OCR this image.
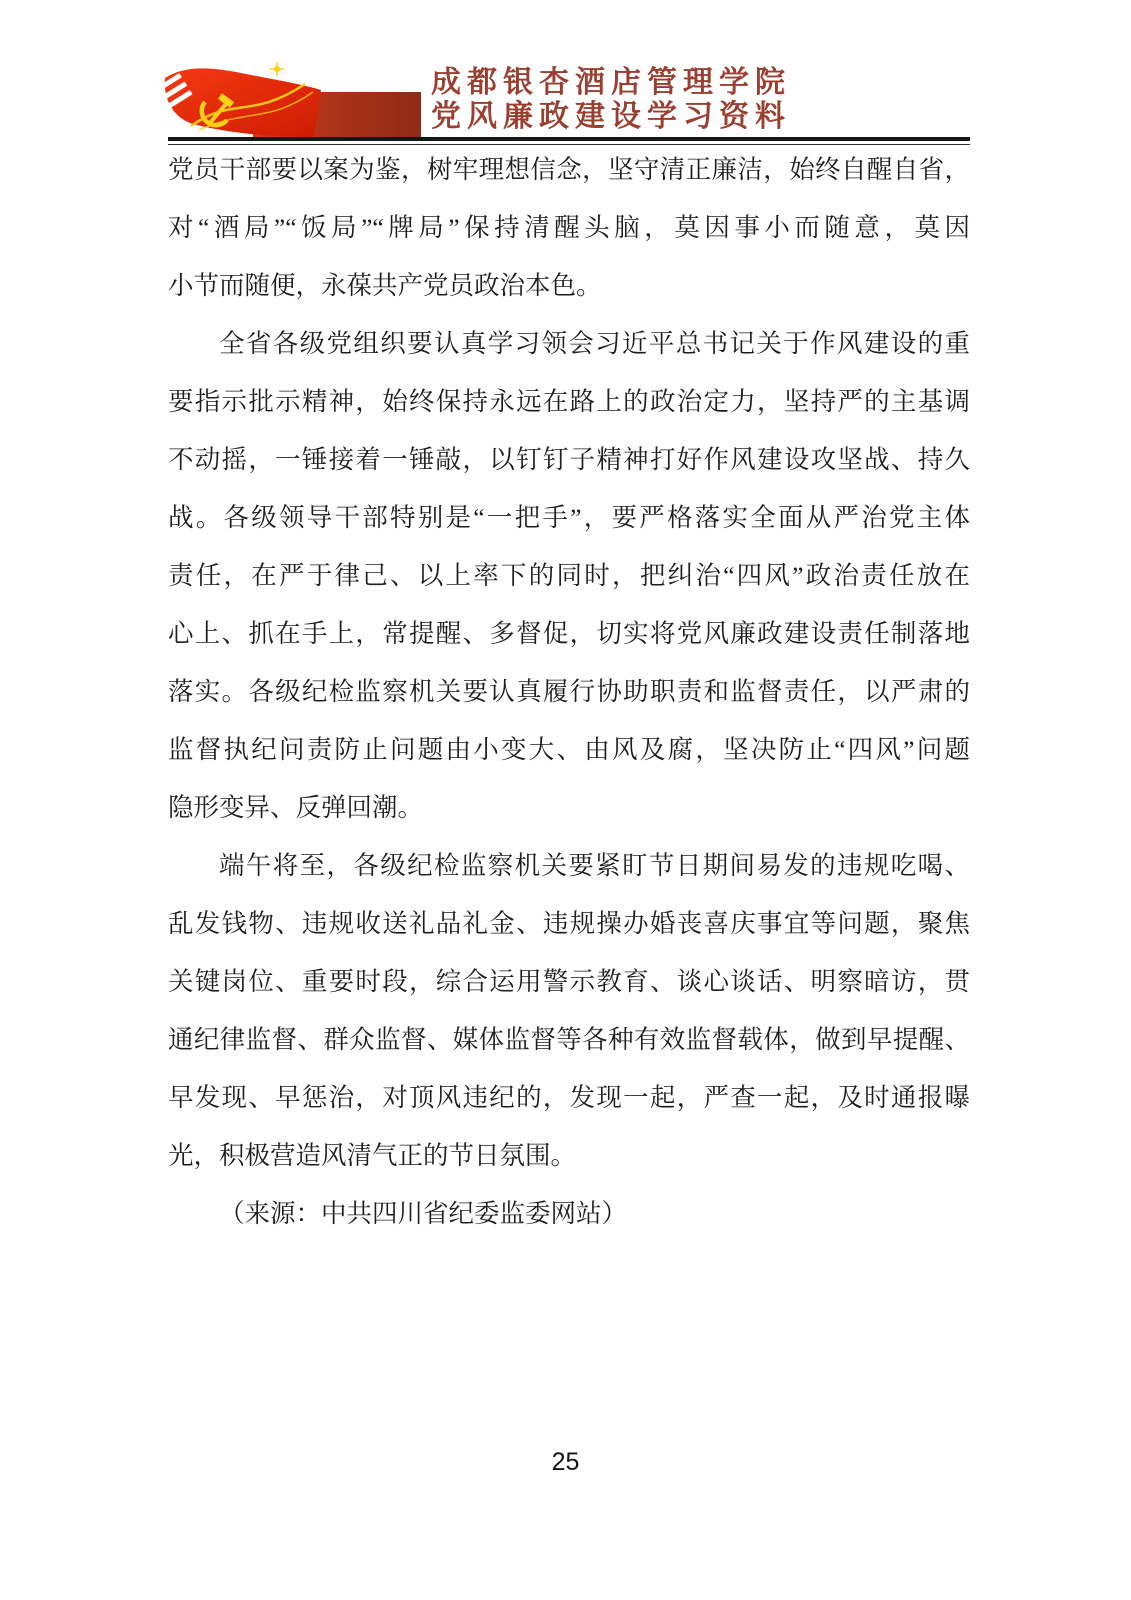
成都银杏酒店管理学院
党风廉政建设学习资料
党员干部要以案为鉴，树牢理想信念，坚守清正廉洁，始终自醒自省，
对“酒局”“饭局”“牌局”保持清醒头脑，莫因事小而随意，莫因
小节而随便，永葆共产党员政治本色。
全省各级党组织要认真学习领会习近平总书记关于作风建设的重
要指示批示精神，始终保持永远在路上的政治定力，坚持严的主基调
不动摇，一锤接着一锤敲，以钉钉子精神打好作风建设攻坚战、持久
战。各级领导干部特别是“一把手”，要严格落实全面从严治党主体
责任，在严于律己、以上率下的同时，把纠治“四风”政治责任放在
心上、抓在手上，常提醒、多督促，切实将党风廉政建设责任制落地
落实。各级纪检监察机关要认真履行协助职责和监督责任，以严肃的
监督执纪问责防止问题由小变大、由风及腐，坚决防止“四风”问题
隐形变异、反弹回潮。
端午将至，各级纪检监察机关要紧盯节日期间易发的违规吃喝、
乱发钱物、违规收送礼品礼金、违规操办婚丧喜庆事宜等问题，聚焦
关键岗位、重要时段，综合运用警示教育、谈心谈话、明察暗访，贯
通纪律监督、群众监督、媒体监督等各种有效监督载体，做到早提醒、
早发现、早惩治，对顶风违纪的，发现一起，严查一起，及时通报曝
光，积极营造风清气正的节日氛围。
（来源：中共四川省纪委监委网站）
25
